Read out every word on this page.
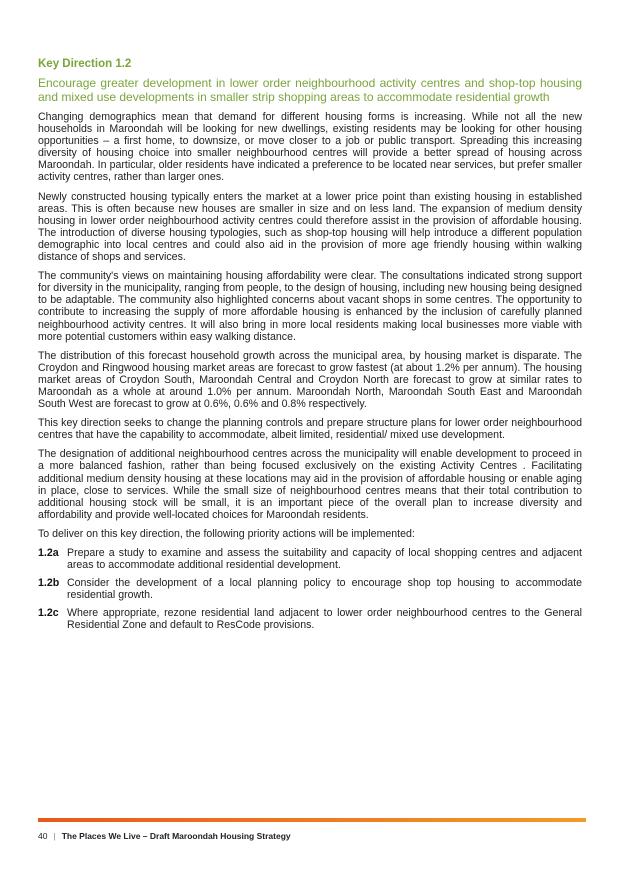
Key Direction 1.2
Encourage greater development in lower order neighbourhood activity centres and shop-top housing and mixed use developments in smaller strip shopping areas to accommodate residential growth

Changing demographics mean that demand for different housing forms is increasing. While not all the new households in Maroondah will be looking for new dwellings, existing residents may be looking for other housing opportunities – a first home, to downsize, or move closer to a job or public transport. Spreading this increasing diversity of housing choice into smaller neighbourhood centres will provide a better spread of housing across Maroondah. In particular, older residents have indicated a preference to be located near services, but prefer smaller activity centres, rather than larger ones.

Newly constructed housing typically enters the market at a lower price point than existing housing in established areas. This is often because new houses are smaller in size and on less land. The expansion of medium density housing in lower order neighbourhood activity centres could therefore assist in the provision of affordable housing. The introduction of diverse housing typologies, such as shop-top housing will help introduce a different population demographic into local centres and could also aid in the provision of more age friendly housing within walking distance of shops and services.

The community's views on maintaining housing affordability were clear. The consultations indicated strong support for diversity in the municipality, ranging from people, to the design of housing, including new housing being designed to be adaptable. The community also highlighted concerns about vacant shops in some centres. The opportunity to contribute to increasing the supply of more affordable housing is enhanced by the inclusion of carefully planned neighbourhood activity centres. It will also bring in more local residents making local businesses more viable with more potential customers within easy walking distance.

The distribution of this forecast household growth across the municipal area, by housing market is disparate. The Croydon and Ringwood housing market areas are forecast to grow fastest (at about 1.2% per annum). The housing market areas of Croydon South, Maroondah Central and Croydon North are forecast to grow at similar rates to Maroondah as a whole at around 1.0% per annum. Maroondah North, Maroondah South East and Maroondah South West are forecast to grow at 0.6%, 0.6% and 0.8% respectively.

This key direction seeks to change the planning controls and prepare structure plans for lower order neighbourhood centres that have the capability to accommodate, albeit limited, residential/ mixed use development.

The designation of additional neighbourhood centres across the municipality will enable development to proceed in a more balanced fashion, rather than being focused exclusively on the existing Activity Centres . Facilitating additional medium density housing at these locations may aid in the provision of affordable housing or enable aging in place, close to services. While the small size of neighbourhood centres means that their total contribution to additional housing stock will be small, it is an important piece of the overall plan to increase diversity and affordability and provide well-located choices for Maroondah residents.

To deliver on this key direction, the following priority actions will be implemented:

1.2a Prepare a study to examine and assess the suitability and capacity of local shopping centres and adjacent areas to accommodate additional residential development.
1.2b Consider the development of a local planning policy to encourage shop top housing to accommodate residential growth.
1.2c Where appropriate, rezone residential land adjacent to lower order neighbourhood centres to the General Residential Zone and default to ResCode provisions.
40 | The Places We Live – Draft Maroondah Housing Strategy
